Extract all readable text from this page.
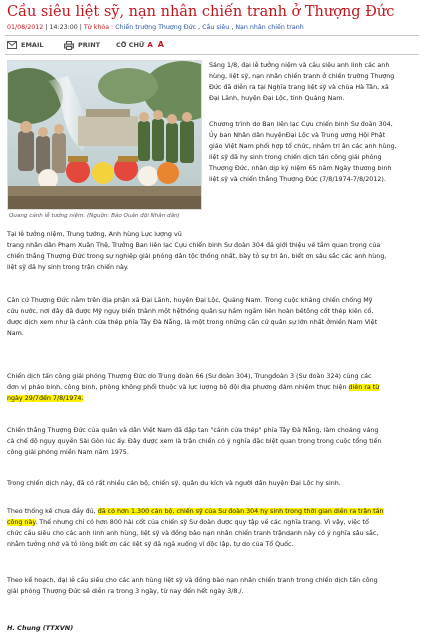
Cầu siêu liệt sỹ, nạn nhân chiến tranh ở Thượng Đức
01/08/2012 | 14:23:00 | Từ khóa : Chiến trường Thượng Đức , Cầu siêu , Nạn nhân chiến tranh
EMAIL	PRINT CỠ CHỮ A A
Quang cảnh lễ tưởng niệm. (Nguồn: Báo Quân đội Nhân dân)
Sáng 1/8, đại lễ tưởng niệm và cầu siêu anh linh các anh
hùng, liệt sỹ, nạn nhân chiến tranh ở chiến trường Thượng
Đức đã diễn ra tại Nghĩa trang liệt sỹ và chùa Hà Tân, xã
Đại Lãnh, huyện Đại Lộc, tỉnh Quảng Nam.
Chương trình do Ban liên lạc Cựu chiến binh Sư đoàn 304,
Ủy ban Nhân dân huyệnĐại Lộc và Trung ương Hội Phật
giáo Việt Nam phối hợp tổ chức, nhằm tri ân các anh hùng,
liệt sỹ đã hy sinh trong chiến dịch tấn công giải phóng
Thượng Đức, nhân dịp kỷ niệm 65 năm Ngày thương binh
liệt sỹ và chiến thắng Thượng Đức (7/8/1974-7/8/2012).
Tại lễ tưởng niệm, Trung tướng, Anh hùng Lực lượng vũ
trang nhân dân Phạm Xuân Thệ, Trưởng Ban liên lạc Cựu chiến binh Sư đoàn 304 đã giới thiệu về tầm quan trọng của
chiến thắng Thượng Đức trong sự nghiệp giải phóng dân tộc thống nhất, bày tỏ sự tri ân, biết ơn sâu sắc các anh hùng,
liệt sỹ đã hy sinh trong trận chiến này.
Căn cứ Thượng Đức nằm trên địa phận xã Đại Lãnh, huyện Đại Lộc, Quảng Nam. Trong cuộc kháng chiến chống Mỹ
cứu nước, nơi đây đã được Mỹ ngụy biến thành một hệthống quân sự hầm ngầm liên hoàn bêtông cốt thép kiên cố,
được dịch xem như là cánh cửa thép phía Tây Đà Nẵng, là một trong những căn cứ quân sự lớn nhất ởmiền Nam Việt
Nam.
Chiến dịch tấn công giải phóng Thượng Đức do Trung đoàn 66 (Sư đoàn 304), Trungđoàn 3 (Sư đoàn 324) cùng các
đơn vị pháo binh, công binh, phòng không phối thuộc và lực lượng bộ đội địa phương đảm nhiệm thực hiện diễn ra từ
ngày 29/7đến 7/8/1974.
Chiến thắng Thượng Đức của quân và dân Việt Nam đã đập tan "cánh cửa thép" phía Tây Đà Nẵng, làm choáng váng
cả chế độ ngụy quyền Sài Gòn lúc ấy. Đây được xem là trận chiến có ý nghĩa đặc biệt quan trọng trong cuộc tổng tiến
công giải phóng miền Nam năm 1975.
Trong chiến dịch này, đã có rất nhiều cán bộ, chiến sỹ, quân du kích và người dân huyện Đại Lộc hy sinh.
Theo thống kê chưa đầy đủ, đã có hơn 1.300 cán bộ, chiến sỹ của Sư đoàn 304 hy sinh trong thời gian diễn ra trận tấn
công này. Thế nhưng chỉ có hơn 800 hài cốt của chiến sỹ Sư đoàn được quy tập về các nghĩa trang. Vì vậy, việc tổ
chức cầu siêu cho các anh linh anh hùng, liệt sỹ và đồng bào nạn nhân chiến tranh trậndanh này có ý nghĩa sâu sắc,
nhằm tưởng nhớ và tỏ lòng biết ơn các liệt sỹ đã ngã xuống vì độc lập, tự do của Tổ Quốc.
Theo kế hoạch, đại lễ cầu siêu cho các anh hùng liệt sỹ và đồng bào nạn nhân chiến tranh trong chiến dịch tấn công
giải phóng Thượng Đức sẽ diễn ra trong 3 ngày, từ nay đến hết ngày 3/8./.
H. Chung (TTXVN)
